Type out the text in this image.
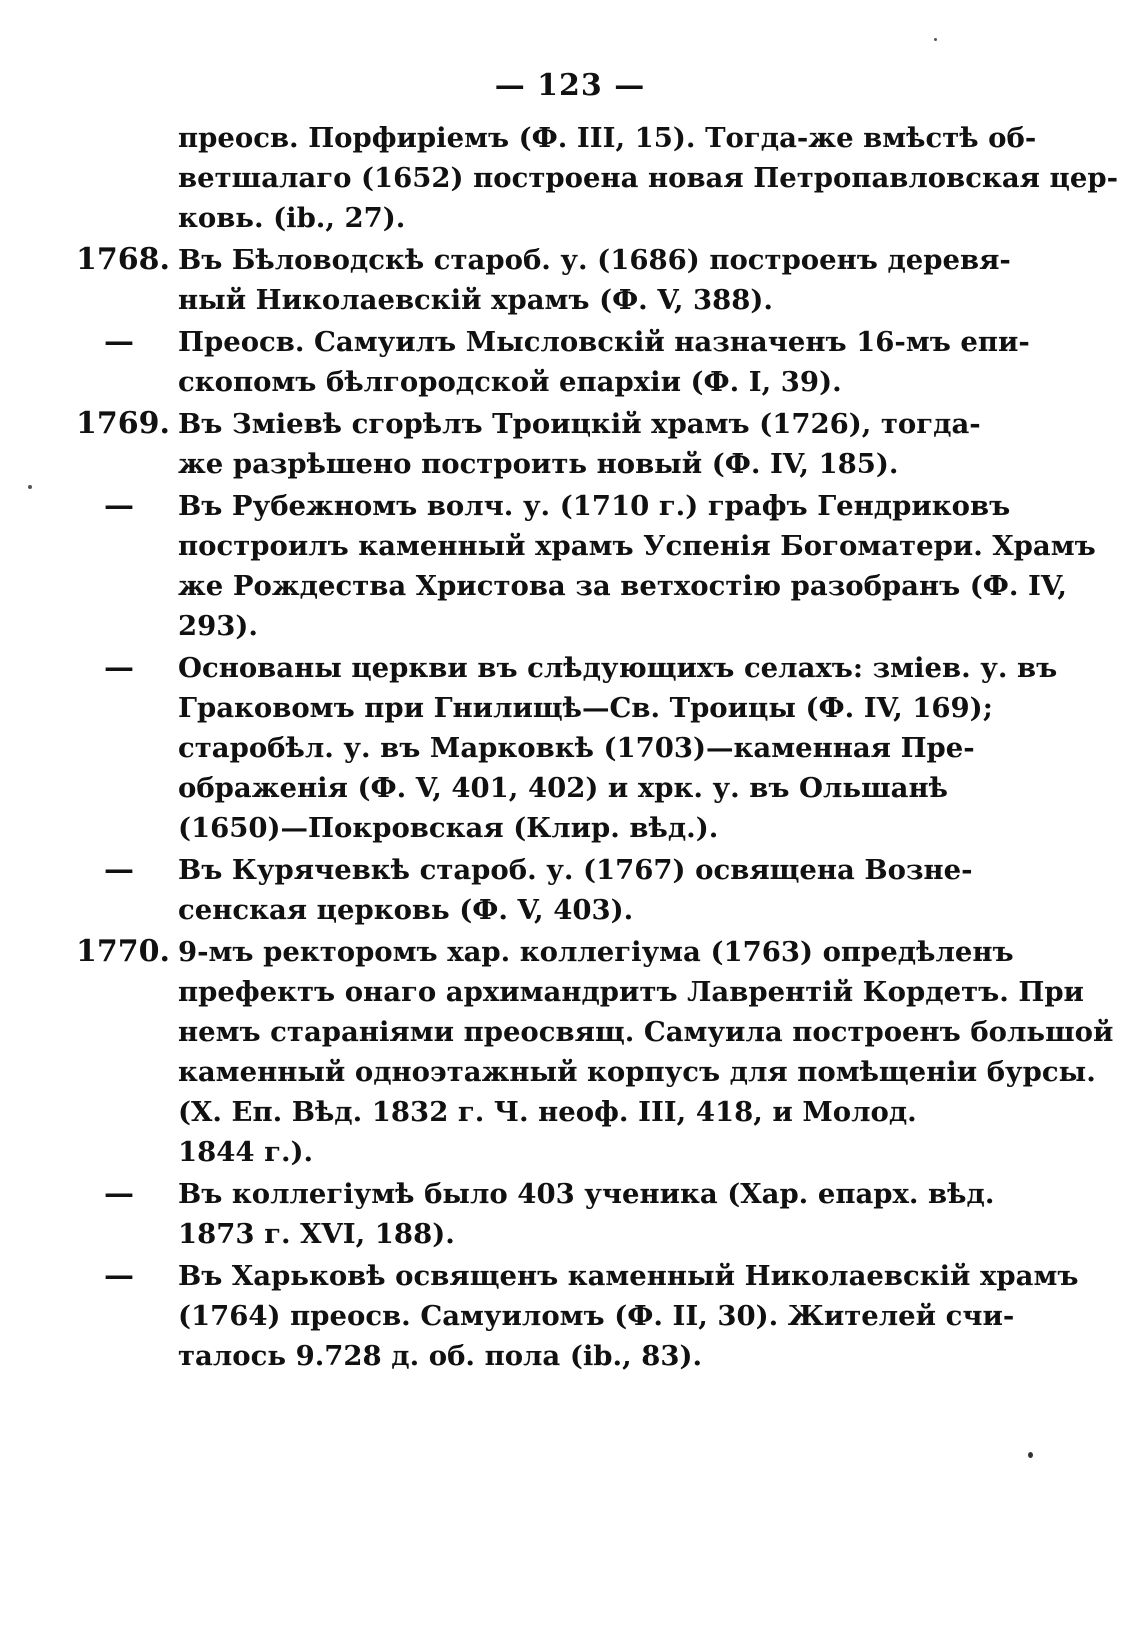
— 123 —
преосв. Порфиріемъ (Ф. III, 15). Тогда-же вмѣстѣ об-
ветшалаго (1652) построена новая Петропавловская цер-
ковь. (ib., 27).
1768. Въ Бѣловодскѣ староб. у. (1686) построенъ деревя-
ный Николаевскій храмъ (Ф. V, 388).
— Преосв. Самуилъ Мысловскій назначенъ 16-мъ епи-
скопомъ бѣлгородской епархіи (Ф. I, 39).
1769. Въ Зміевѣ сгорѣлъ Троицкій храмъ (1726), тогда-
же разрѣшено построить новый (Ф. IV, 185).
— Въ Рубежномъ волч. у. (1710 г.) графъ Гендриковъ
построилъ каменный храмъ Успенія Богоматери. Храмъ
же Рождества Христова за ветхостію разобранъ (Ф. IV,
293).
— Основаны церкви въ слѣдующихъ селахъ: зміев. у. въ
Граковомъ при Гнилищѣ—Св. Троицы (Ф. IV, 169);
старобѣл. у. въ Марковкѣ (1703)—каменная Пре-
ображенія (Ф. V, 401, 402) и хрк. у. въ Ольшанѣ
(1650)—Покровская (Клир. вѣд.).
— Въ Курячевкѣ староб. у. (1767) освящена Возне-
сенская церковь (Ф. V, 403).
1770. 9-мъ ректоромъ хар. коллегіума (1763) опредѣленъ
префектъ онаго архимандритъ Лаврентій Кордетъ. При
немъ стараніями преосвящ. Самуила построенъ большой
каменный одноэтажный корпусъ для помѣщеніи бурсы.
(Х. Еп. Вѣд. 1832 г. Ч. неоф. III, 418, и Молод.
1844 г.).
— Въ коллегіумѣ было 403 ученика (Хар. епарх. вѣд.
1873 г. XVI, 188).
— Въ Харьковѣ освященъ каменный Николаевскій храмъ
(1764) преосв. Самуиломъ (Ф. II, 30). Жителей счи-
талось 9.728 д. об. пола (ib., 83).
